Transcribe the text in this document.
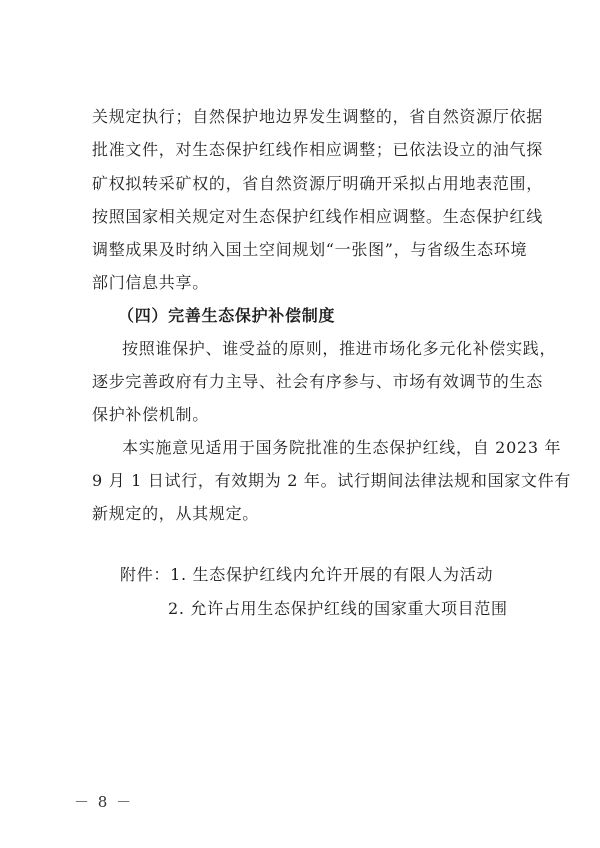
关规定执行；自然保护地边界发生调整的，省自然资源厅依据
批准文件，对生态保护红线作相应调整；已依法设立的油气探
矿权拟转采矿权的，省自然资源厅明确开采拟占用地表范围，
按照国家相关规定对生态保护红线作相应调整。生态保护红线
调整成果及时纳入国土空间规划“一张图”，与省级生态环境
部门信息共享。
（四）完善生态保护补偿制度
按照谁保护、谁受益的原则，推进市场化多元化补偿实践，
逐步完善政府有力主导、社会有序参与、市场有效调节的生态
保护补偿机制。
本实施意见适用于国务院批准的生态保护红线，自 2023 年
9 月 1 日试行，有效期为 2 年。试行期间法律法规和国家文件有
新规定的，从其规定。
附件：1. 生态保护红线内允许开展的有限人为活动
2. 允许占用生态保护红线的国家重大项目范围
－ 8 －
